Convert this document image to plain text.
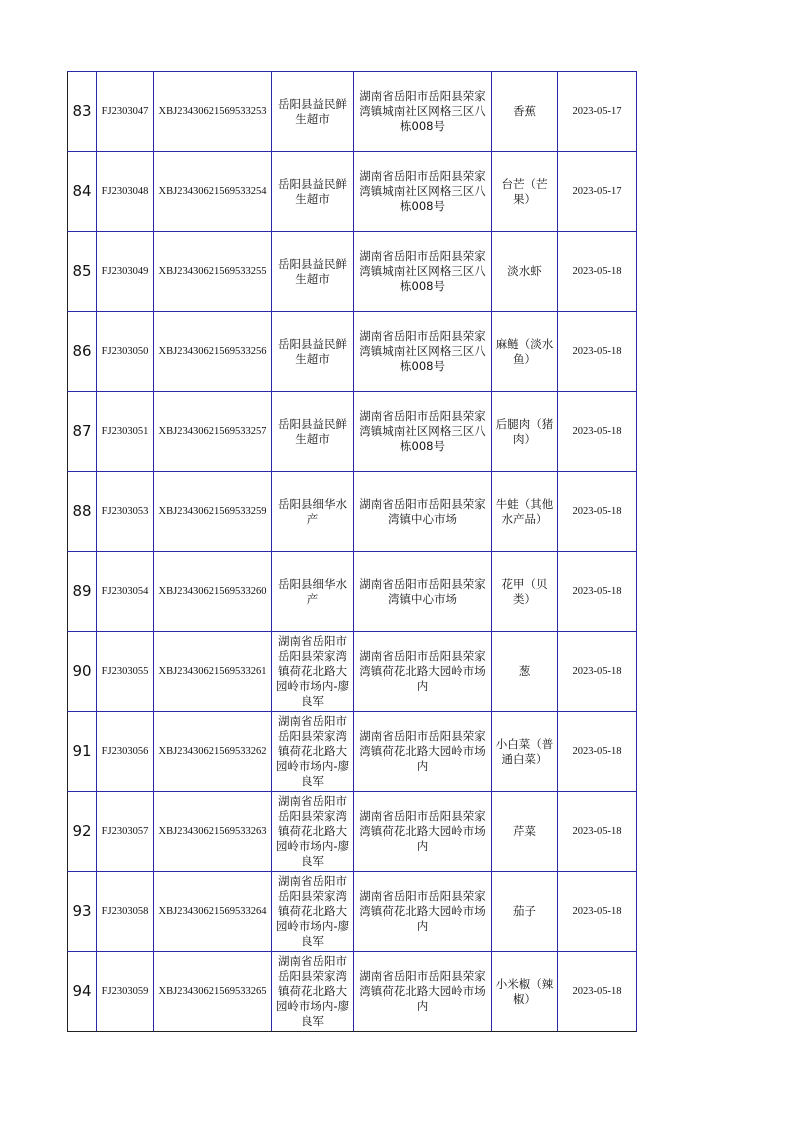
83	FJ2303047	XBJ23430621569533253	岳阳县益民鲜生超市	湖南省岳阳市岳阳县荣家湾镇城南社区网格三区八栋008号	香蕉	2023-05-17
84	FJ2303048	XBJ23430621569533254	岳阳县益民鲜生超市	湖南省岳阳市岳阳县荣家湾镇城南社区网格三区八栋008号	台芒（芒果）	2023-05-17
85	FJ2303049	XBJ23430621569533255	岳阳县益民鲜生超市	湖南省岳阳市岳阳县荣家湾镇城南社区网格三区八栋008号	淡水虾	2023-05-18
86	FJ2303050	XBJ23430621569533256	岳阳县益民鲜生超市	湖南省岳阳市岳阳县荣家湾镇城南社区网格三区八栋008号	麻鲢（淡水鱼）	2023-05-18
87	FJ2303051	XBJ23430621569533257	岳阳县益民鲜生超市	湖南省岳阳市岳阳县荣家湾镇城南社区网格三区八栋008号	后腿肉（猪肉）	2023-05-18
88	FJ2303053	XBJ23430621569533259	岳阳县细华水产	湖南省岳阳市岳阳县荣家湾镇中心市场	牛蛙（其他水产品）	2023-05-18
89	FJ2303054	XBJ23430621569533260	岳阳县细华水产	湖南省岳阳市岳阳县荣家湾镇中心市场	花甲（贝类）	2023-05-18
90	FJ2303055	XBJ23430621569533261	湖南省岳阳市岳阳县荣家湾镇荷花北路大园岭市场内-廖良军	湖南省岳阳市岳阳县荣家湾镇荷花北路大园岭市场内	葱	2023-05-18
91	FJ2303056	XBJ23430621569533262	湖南省岳阳市岳阳县荣家湾镇荷花北路大园岭市场内-廖良军	湖南省岳阳市岳阳县荣家湾镇荷花北路大园岭市场内	小白菜（普通白菜）	2023-05-18
92	FJ2303057	XBJ23430621569533263	湖南省岳阳市岳阳县荣家湾镇荷花北路大园岭市场内-廖良军	湖南省岳阳市岳阳县荣家湾镇荷花北路大园岭市场内	芹菜	2023-05-18
93	FJ2303058	XBJ23430621569533264	湖南省岳阳市岳阳县荣家湾镇荷花北路大园岭市场内-廖良军	湖南省岳阳市岳阳县荣家湾镇荷花北路大园岭市场内	茄子	2023-05-18
94	FJ2303059	XBJ23430621569533265	湖南省岳阳市岳阳县荣家湾镇荷花北路大园岭市场内-廖良军	湖南省岳阳市岳阳县荣家湾镇荷花北路大园岭市场内	小米椒（辣椒）	2023-05-18
